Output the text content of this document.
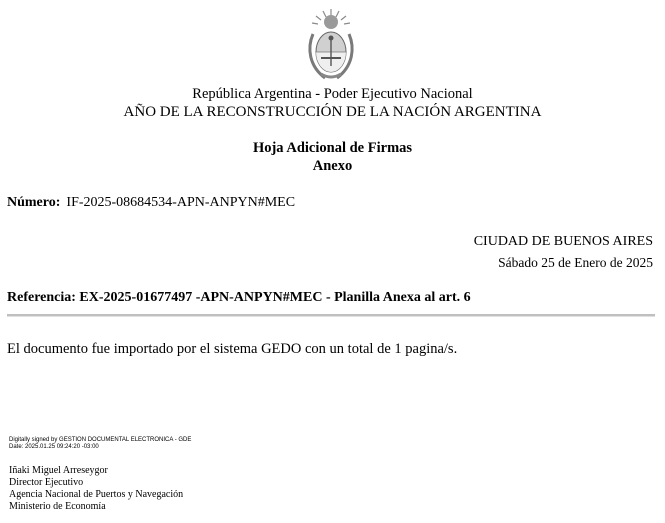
República Argentina - Poder Ejecutivo Nacional
AÑO DE LA RECONSTRUCCIÓN DE LA NACIÓN ARGENTINA
Hoja Adicional de Firmas
Anexo
Número: IF-2025-08684534-APN-ANPYN#MEC
CIUDAD DE BUENOS AIRES
Sábado 25 de Enero de 2025
Referencia: EX-2025-01677497 -APN-ANPYN#MEC - Planilla Anexa al art. 6
El documento fue importado por el sistema GEDO con un total de 1 pagina/s.
Digitally signed by GESTION DOCUMENTAL ELECTRONICA - GDE
Date: 2025.01.25 09:24:20 -03:00
Iñaki Miguel Arreseygor
Director Ejecutivo
Agencia Nacional de Puertos y Navegación
Ministerio de Economía
